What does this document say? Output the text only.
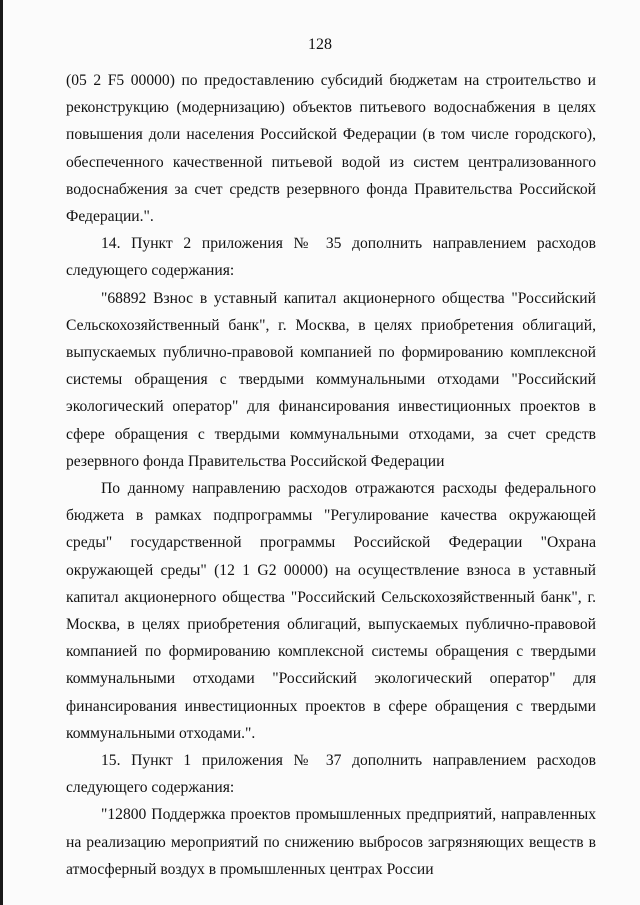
128

(05 2 F5 00000) по предоставлению субсидий бюджетам на строительство и реконструкцию (модернизацию) объектов питьевого водоснабжения в целях повышения доли населения Российской Федерации (в том числе городского), обеспеченного качественной питьевой водой из систем централизованного водоснабжения за счет средств резервного фонда Правительства Российской Федерации.".

14. Пункт 2 приложения № 35 дополнить направлением расходов следующего содержания:

"68892 Взнос в уставный капитал акционерного общества "Российский Сельскохозяйственный банк", г. Москва, в целях приобретения облигаций, выпускаемых публично-правовой компанией по формированию комплексной системы обращения с твердыми коммунальными отходами "Российский экологический оператор" для финансирования инвестиционных проектов в сфере обращения с твердыми коммунальными отходами, за счет средств резервного фонда Правительства Российской Федерации

По данному направлению расходов отражаются расходы федерального бюджета в рамках подпрограммы "Регулирование качества окружающей среды" государственной программы Российской Федерации "Охрана окружающей среды" (12 1 G2 00000) на осуществление взноса в уставный капитал акционерного общества "Российский Сельскохозяйственный банк", г. Москва, в целях приобретения облигаций, выпускаемых публично-правовой компанией по формированию комплексной системы обращения с твердыми коммунальными отходами "Российский экологический оператор" для финансирования инвестиционных проектов в сфере обращения с твердыми коммунальными отходами.".

15. Пункт 1 приложения № 37 дополнить направлением расходов следующего содержания:

"12800 Поддержка проектов промышленных предприятий, направленных на реализацию мероприятий по снижению выбросов загрязняющих веществ в атмосферный воздух в промышленных центрах России
